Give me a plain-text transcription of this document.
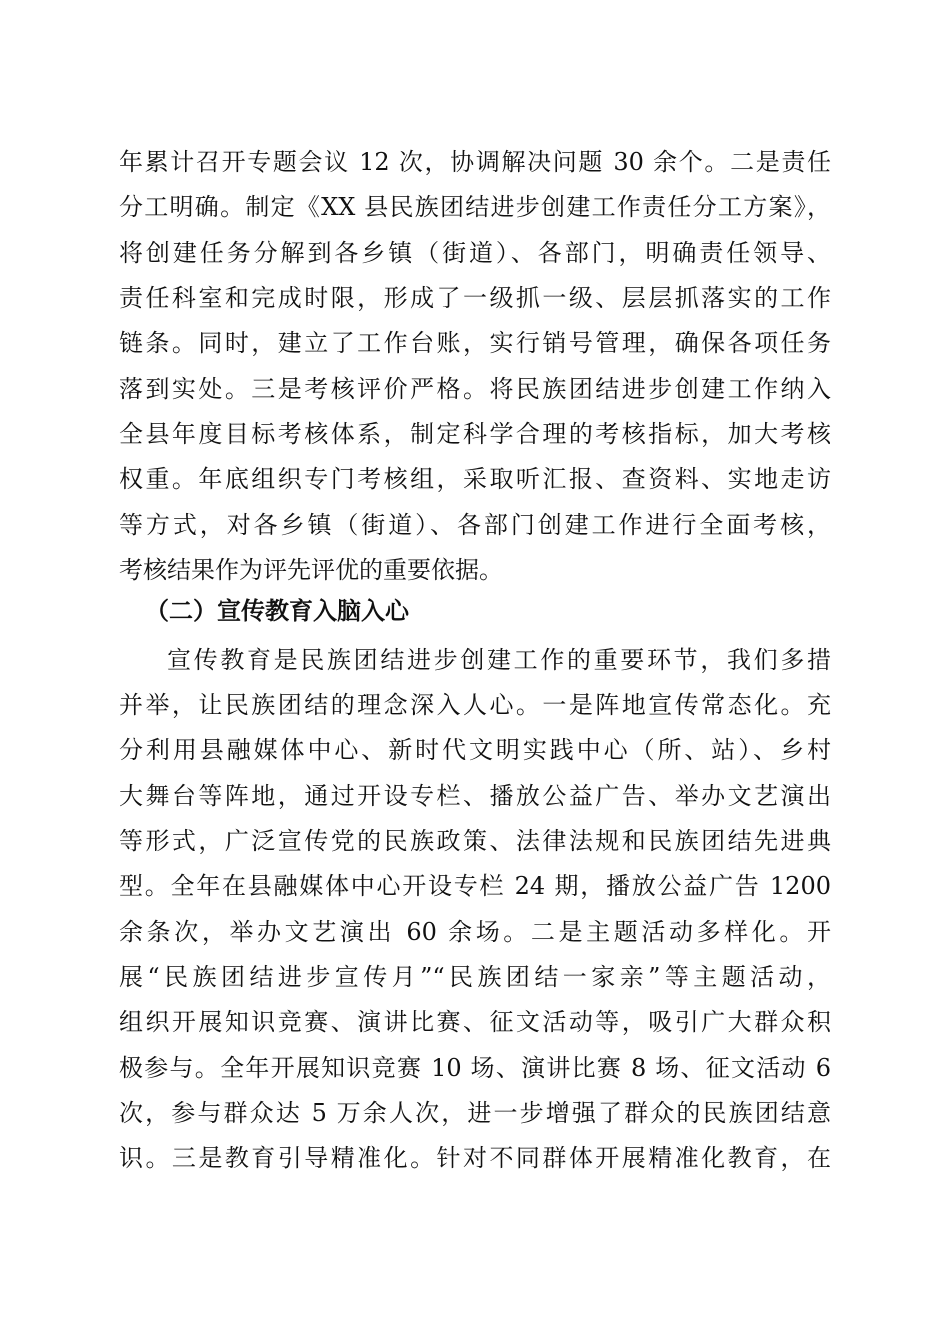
年累计召开专题会议 12 次，协调解决问题 30 余个。二是责任
分工明确。制定《XX 县民族团结进步创建工作责任分工方案》，
将创建任务分解到各乡镇（街道）、各部门，明确责任领导、
责任科室和完成时限，形成了一级抓一级、层层抓落实的工作
链条。同时，建立了工作台账，实行销号管理，确保各项任务
落到实处。三是考核评价严格。将民族团结进步创建工作纳入
全县年度目标考核体系，制定科学合理的考核指标，加大考核
权重。年底组织专门考核组，采取听汇报、查资料、实地走访
等方式，对各乡镇（街道）、各部门创建工作进行全面考核，
考核结果作为评先评优的重要依据。
（二）宣传教育入脑入心
宣传教育是民族团结进步创建工作的重要环节，我们多措
并举，让民族团结的理念深入人心。一是阵地宣传常态化。充
分利用县融媒体中心、新时代文明实践中心（所、站）、乡村
大舞台等阵地，通过开设专栏、播放公益广告、举办文艺演出
等形式，广泛宣传党的民族政策、法律法规和民族团结先进典
型。全年在县融媒体中心开设专栏 24 期，播放公益广告 1200
余条次，举办文艺演出 60 余场。二是主题活动多样化。开
展“民族团结进步宣传月”“民族团结一家亲”等主题活动，
组织开展知识竞赛、演讲比赛、征文活动等，吸引广大群众积
极参与。全年开展知识竞赛 10 场、演讲比赛 8 场、征文活动 6
次，参与群众达 5 万余人次，进一步增强了群众的民族团结意
识。三是教育引导精准化。针对不同群体开展精准化教育，在
